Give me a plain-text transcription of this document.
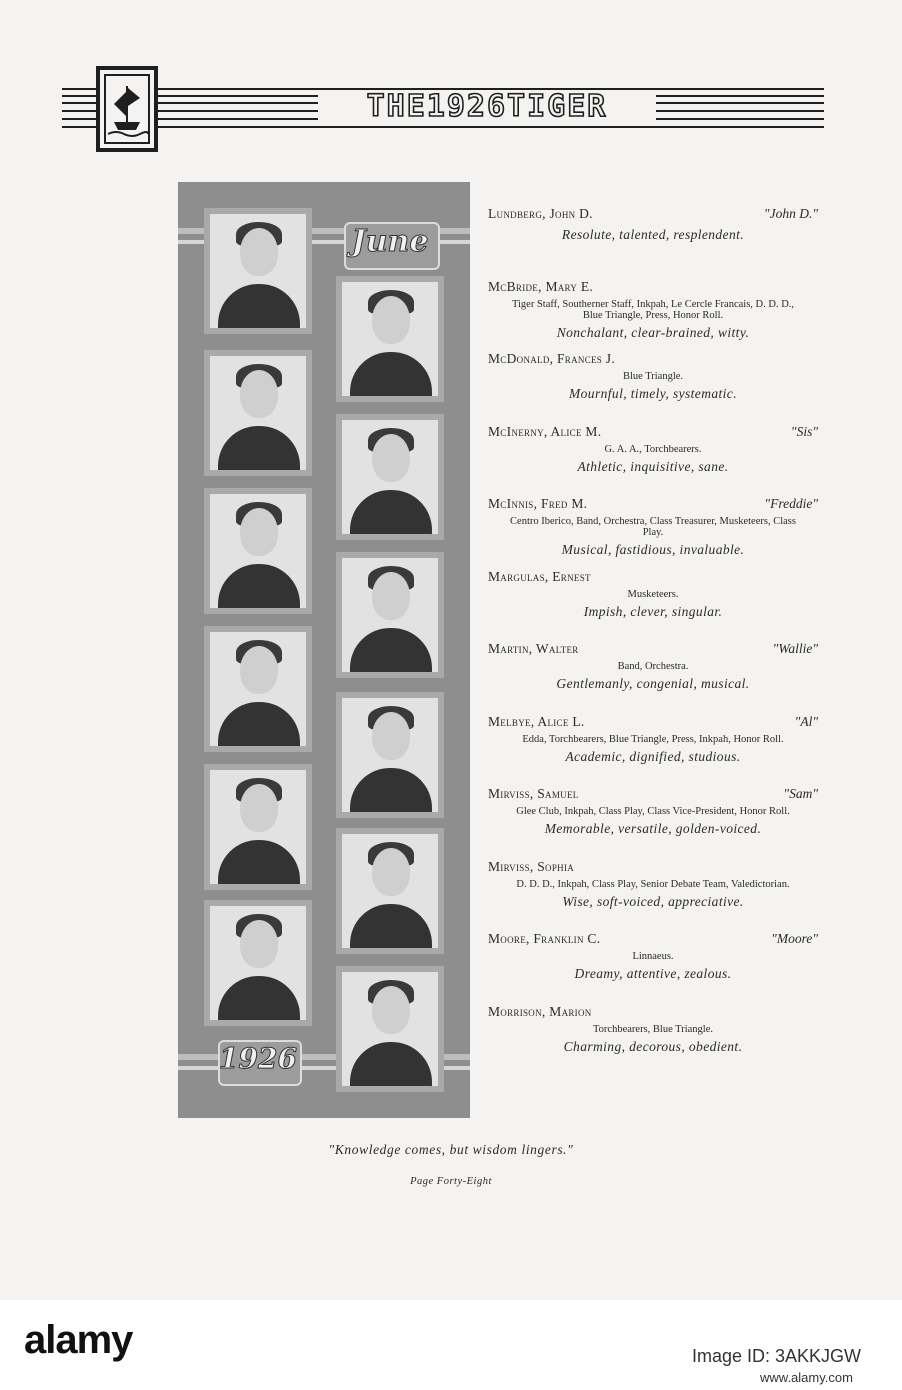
THE1926TIGER
June
1926
Lundberg, John D.	"John D."
Resolute, talented, resplendent.
McBride, Mary E.
Tiger Staff, Southerner Staff, Inkpah, Le Cercle Francais, D. D. D., Blue Triangle, Press, Honor Roll.
Nonchalant, clear-brained, witty.
McDonald, Frances J.
Blue Triangle.
Mournful, timely, systematic.
McInerny, Alice M.	"Sis"
G. A. A., Torchbearers.
Athletic, inquisitive, sane.
McInnis, Fred M.	"Freddie"
Centro Iberico, Band, Orchestra, Class Treasurer, Musketeers, Class Play.
Musical, fastidious, invaluable.
Margulas, Ernest
Musketeers.
Impish, clever, singular.
Martin, Walter	"Wallie"
Band, Orchestra.
Gentlemanly, congenial, musical.
Melbye, Alice L.	"Al"
Edda, Torchbearers, Blue Triangle, Press, Inkpah, Honor Roll.
Academic, dignified, studious.
Mirviss, Samuel	"Sam"
Glee Club, Inkpah, Class Play, Class Vice-President, Honor Roll.
Memorable, versatile, golden-voiced.
Mirviss, Sophia
D. D. D., Inkpah, Class Play, Senior Debate Team, Valedictorian.
Wise, soft-voiced, appreciative.
Moore, Franklin C.	"Moore"
Linnaeus.
Dreamy, attentive, zealous.
Morrison, Marion
Torchbearers, Blue Triangle.
Charming, decorous, obedient.
"Knowledge comes, but wisdom lingers."
Page Forty-Eight
alamy	Image ID: 3AKKJGW
www.alamy.com
